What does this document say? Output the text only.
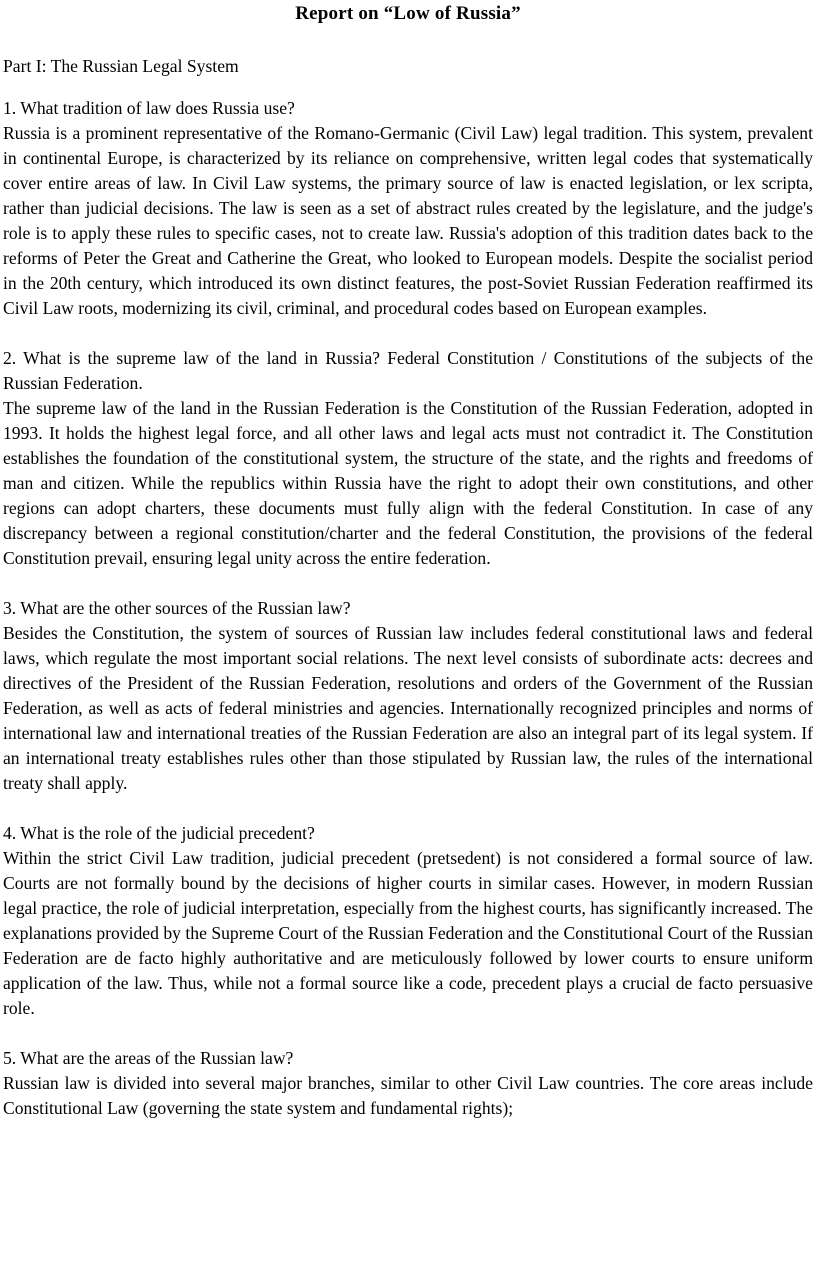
Report on “Low of Russia”

Part I: The Russian Legal System

1. What tradition of law does Russia use?

Russia is a prominent representative of the Romano-Germanic (Civil Law) legal tradition. This system, prevalent in continental Europe, is characterized by its reliance on comprehensive, written legal codes that systematically cover entire areas of law. In Civil Law systems, the primary source of law is enacted legislation, or lex scripta, rather than judicial decisions. The law is seen as a set of abstract rules created by the legislature, and the judge's role is to apply these rules to specific cases, not to create law. Russia's adoption of this tradition dates back to the reforms of Peter the Great and Catherine the Great, who looked to European models. Despite the socialist period in the 20th century, which introduced its own distinct features, the post-Soviet Russian Federation reaffirmed its Civil Law roots, modernizing its civil, criminal, and procedural codes based on European examples.

2. What is the supreme law of the land in Russia? Federal Constitution / Constitutions of the subjects of the Russian Federation.

The supreme law of the land in the Russian Federation is the Constitution of the Russian Federation, adopted in 1993. It holds the highest legal force, and all other laws and legal acts must not contradict it. The Constitution establishes the foundation of the constitutional system, the structure of the state, and the rights and freedoms of man and citizen. While the republics within Russia have the right to adopt their own constitutions, and other regions can adopt charters, these documents must fully align with the federal Constitution. In case of any discrepancy between a regional constitution/charter and the federal Constitution, the provisions of the federal Constitution prevail, ensuring legal unity across the entire federation.

3. What are the other sources of the Russian law?

Besides the Constitution, the system of sources of Russian law includes federal constitutional laws and federal laws, which regulate the most important social relations. The next level consists of subordinate acts: decrees and directives of the President of the Russian Federation, resolutions and orders of the Government of the Russian Federation, as well as acts of federal ministries and agencies. Internationally recognized principles and norms of international law and international treaties of the Russian Federation are also an integral part of its legal system. If an international treaty establishes rules other than those stipulated by Russian law, the rules of the international treaty shall apply.

4. What is the role of the judicial precedent?

Within the strict Civil Law tradition, judicial precedent (pretsedent) is not considered a formal source of law. Courts are not formally bound by the decisions of higher courts in similar cases. However, in modern Russian legal practice, the role of judicial interpretation, especially from the highest courts, has significantly increased. The explanations provided by the Supreme Court of the Russian Federation and the Constitutional Court of the Russian Federation are de facto highly authoritative and are meticulously followed by lower courts to ensure uniform application of the law. Thus, while not a formal source like a code, precedent plays a crucial de facto persuasive role.

5. What are the areas of the Russian law?

Russian law is divided into several major branches, similar to other Civil Law countries. The core areas include Constitutional Law (governing the state system and fundamental rights);
